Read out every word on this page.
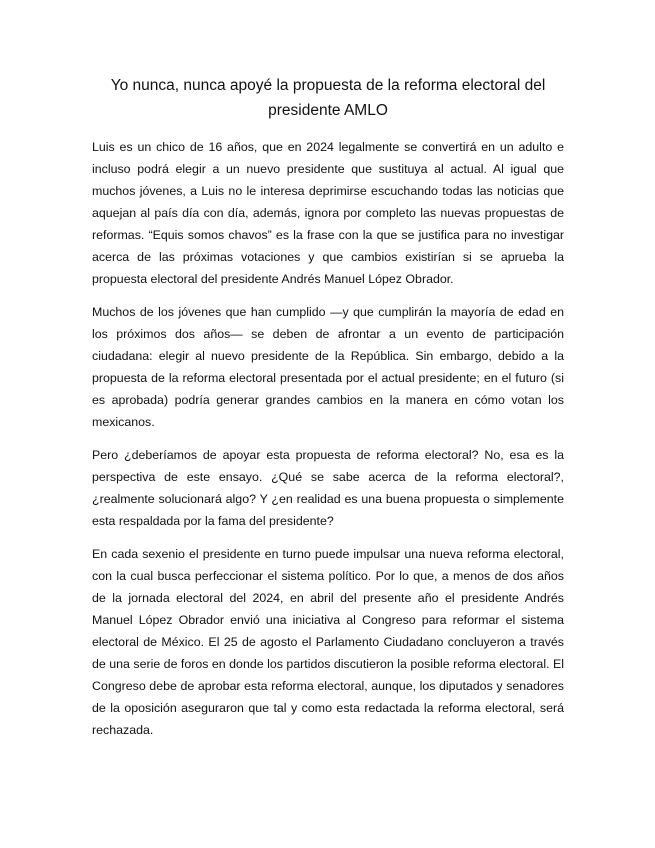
Yo nunca, nunca apoyé la propuesta de la reforma electoral del presidente AMLO

Luis es un chico de 16 años, que en 2024 legalmente se convertirá en un adulto e incluso podrá elegir a un nuevo presidente que sustituya al actual. Al igual que muchos jóvenes, a Luis no le interesa deprimirse escuchando todas las noticias que aquejan al país día con día, además, ignora por completo las nuevas propuestas de reformas. “Equis somos chavos” es la frase con la que se justifica para no investigar acerca de las próximas votaciones y que cambios existirían si se aprueba la propuesta electoral del presidente Andrés Manuel López Obrador.

Muchos de los jóvenes que han cumplido —y que cumplirán la mayoría de edad en los próximos dos años— se deben de afrontar a un evento de participación ciudadana: elegir al nuevo presidente de la República. Sin embargo, debido a la propuesta de la reforma electoral presentada por el actual presidente; en el futuro (si es aprobada) podría generar grandes cambios en la manera en cómo votan los mexicanos.

Pero ¿deberíamos de apoyar esta propuesta de reforma electoral? No, esa es la perspectiva de este ensayo. ¿Qué se sabe acerca de la reforma electoral?, ¿realmente solucionará algo? Y ¿en realidad es una buena propuesta o simplemente esta respaldada por la fama del presidente?

En cada sexenio el presidente en turno puede impulsar una nueva reforma electoral, con la cual busca perfeccionar el sistema político. Por lo que, a menos de dos años de la jornada electoral del 2024, en abril del presente año el presidente Andrés Manuel López Obrador envió una iniciativa al Congreso para reformar el sistema electoral de México. El 25 de agosto el Parlamento Ciudadano concluyeron a través de una serie de foros en donde los partidos discutieron la posible reforma electoral. El Congreso debe de aprobar esta reforma electoral, aunque, los diputados y senadores de la oposición aseguraron que tal y como esta redactada la reforma electoral, será rechazada.
